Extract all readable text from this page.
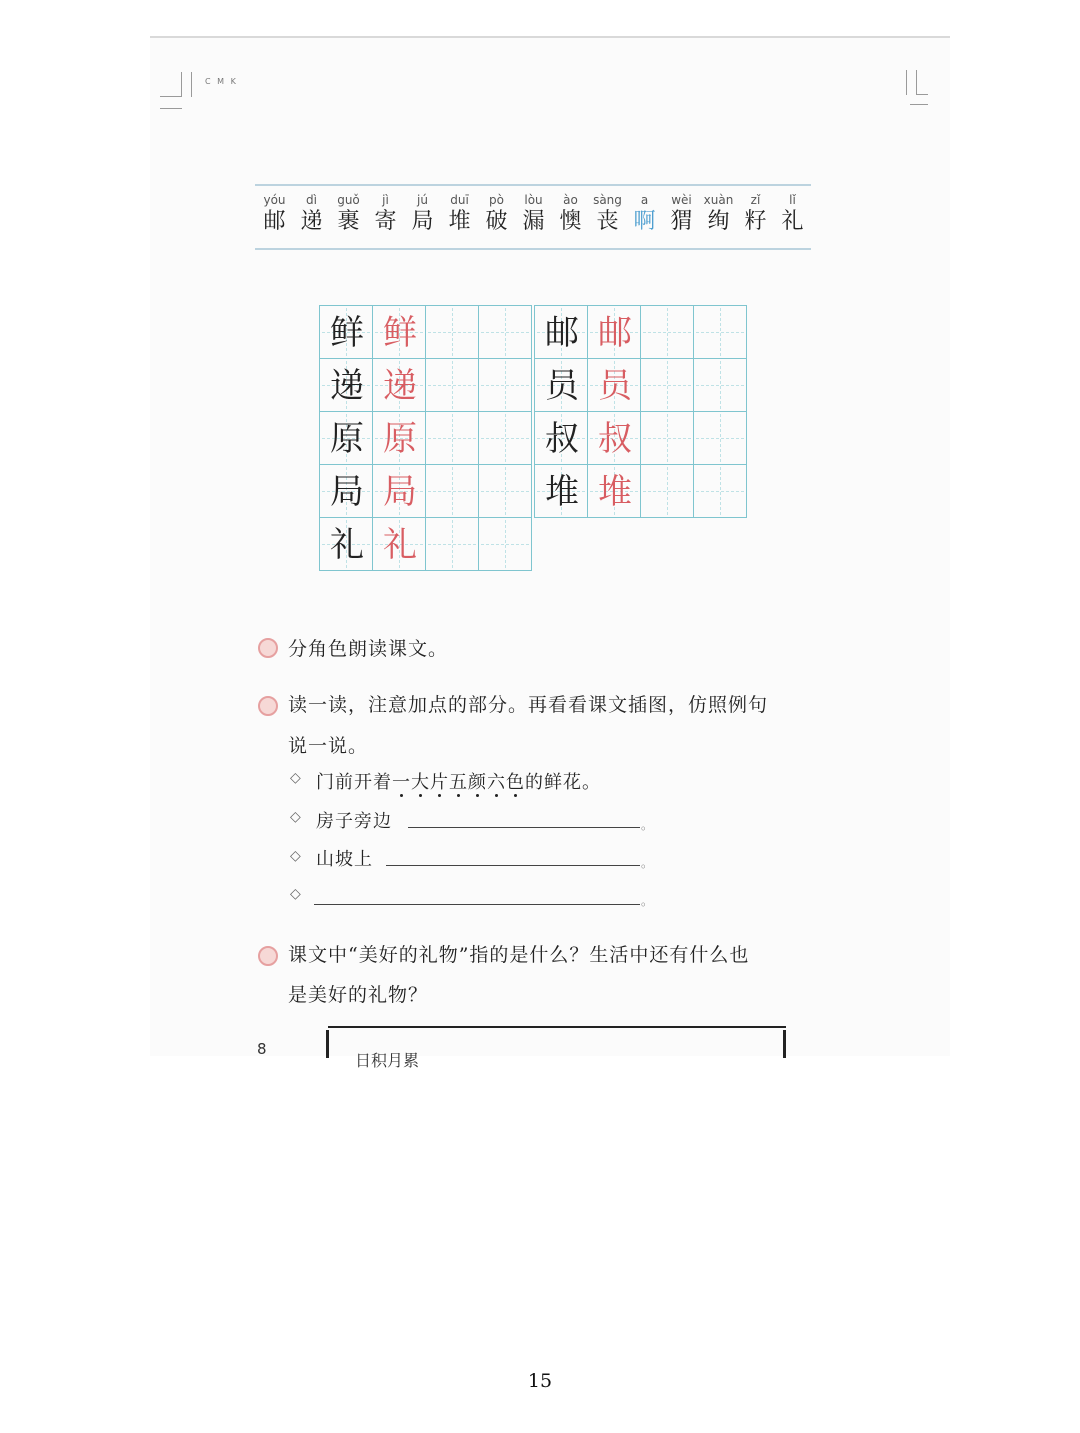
C M K
yóu
邮
dì
递
guǒ
裹
jì
寄
jú
局
duī
堆
pò
破
lòu
漏
ào
懊
sàng
丧
a
啊
wèi
猬
xuàn
绚
zǐ
籽
lǐ
礼
鲜 鲜
递 递
原 原
局 局
礼 礼
邮 邮
员 员
叔 叔
堆 堆
分角色朗读课文。
读一读，注意加点的部分。再看看课文插图，仿照例句
说一说。
◇ 门前开着一大片五颜六色的鲜花。
◇ 房子旁边	。
◇ 山坡上	。
◇	。
课文中“美好的礼物”指的是什么？生活中还有什么也
是美好的礼物？
8
日积月累
15
